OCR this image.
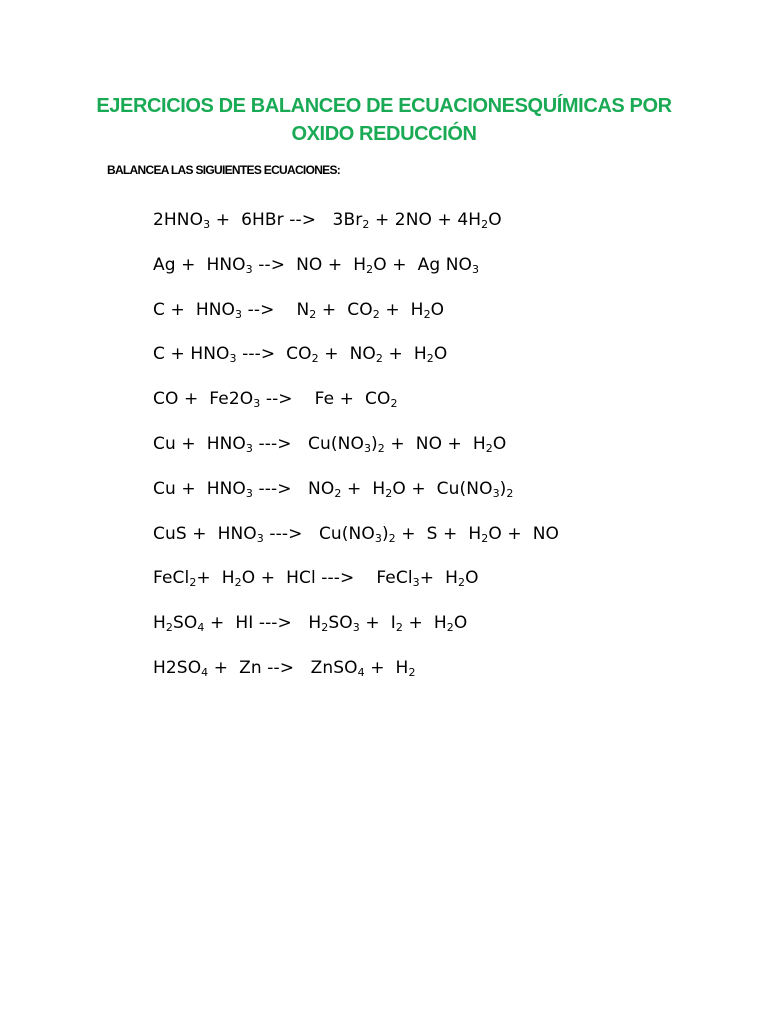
EJERCICIOS DE BALANCEO DE ECUACIONESQUÍMICAS POR
OXIDO REDUCCIÓN

BALANCEA LAS SIGUIENTES ECUACIONES:

$2HNO_3 + 6HBr$ -->   $3Br_2 + 2NO + 4H_2O$
$Ag + HNO_3$ -->  NO +  $H_2O + Ag$ $NO_3$
$C + HNO_3$ -->    $N_2 + CO_2 + H_2O$
$C + HNO_3$ --->  $CO_2 + NO_2 + H_2O$
CO +  $Fe2O_3$ -->    $Fe + CO_2$
$Cu + HNO_3$ --->   $Cu(NO_3)_2$ +  NO +  $H_2O$
$Cu + HNO_3$ --->   $NO_2 + H_2O + Cu(NO_3)_2$
CuS +  $HNO_3$ --->   $Cu(NO_3)_2 + S + H_2O$ +  NO
FeCl$_2$+  $H_2O$ +  HCl --->    FeCl$_3$+  $H_2O$
$H_2SO_4$ +  HI --->   $H_2SO_3 + I_2 + H_2O$
$H2SO_4 + Zn$ -->   ZnSO$_4$ +  $H_2$
